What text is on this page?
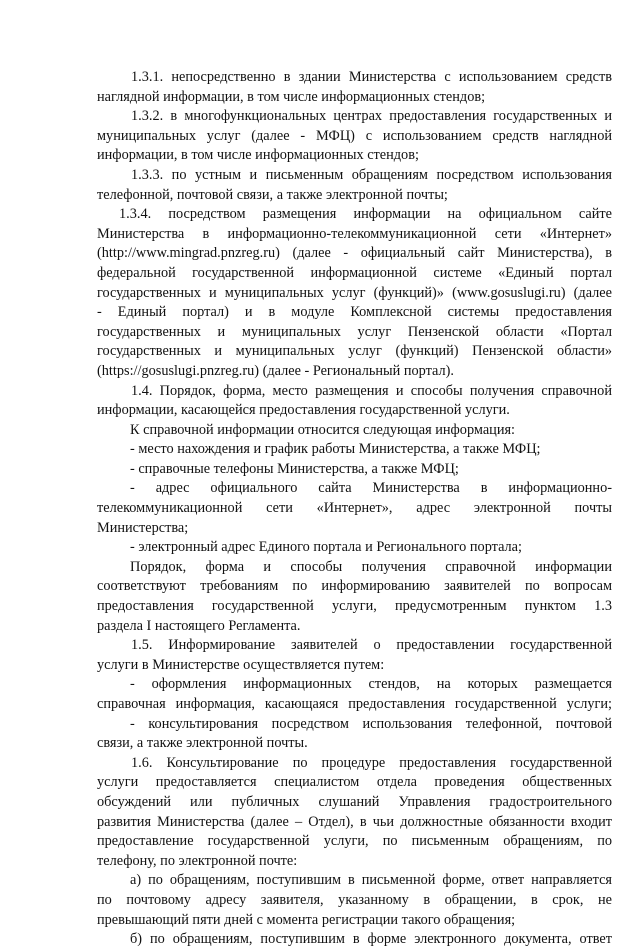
1.3.1. непосредственно в здании Министерства с использованием средств
наглядной информации, в том числе информационных стендов;
1.3.2. в многофункциональных центрах предоставления государственных и
муниципальных услуг (далее - МФЦ) с использованием средств наглядной
информации, в том числе информационных стендов;
1.3.3. по устным и письменным обращениям посредством использования
телефонной, почтовой связи, а также электронной почты;
1.3.4. посредством размещения информации на официальном сайте
Министерства в информационно-телекоммуникационной сети «Интернет»
(http://www.mingrad.pnzreg.ru) (далее - официальный сайт Министерства), в
федеральной государственной информационной системе «Единый портал
государственных и муниципальных услуг (функций)» (www.gosuslugi.ru) (далее
- Единый портал) и в модуле Комплексной системы предоставления
государственных и муниципальных услуг Пензенской области «Портал
государственных и муниципальных услуг (функций) Пензенской области»
(https://gosuslugi.pnzreg.ru) (далее - Региональный портал).
1.4. Порядок, форма, место размещения и способы получения справочной
информации, касающейся предоставления государственной услуги.
К справочной информации относится следующая информация:
- место нахождения и график работы Министерства, а также МФЦ;
- справочные телефоны Министерства, а также МФЦ;
- адрес официального сайта Министерства в информационно-
телекоммуникационной сети «Интернет», адрес электронной почты
Министерства;
- электронный адрес Единого портала и Регионального портала;
Порядок, форма и способы получения справочной информации
соответствуют требованиям по информированию заявителей по вопросам
предоставления государственной услуги, предусмотренным пунктом 1.3
раздела I настоящего Регламента.
1.5. Информирование заявителей о предоставлении государственной
услуги в Министерстве осуществляется путем:
- оформления информационных стендов, на которых размещается
справочная информация, касающаяся предоставления государственной услуги;
- консультирования посредством использования телефонной, почтовой
связи, а также электронной почты.
1.6. Консультирование по процедуре предоставления государственной
услуги предоставляется специалистом отдела проведения общественных
обсуждений или публичных слушаний Управления градостроительного
развития Министерства (далее – Отдел), в чьи должностные обязанности входит
предоставление государственной услуги, по письменным обращениям, по
телефону, по электронной почте:
а) по обращениям, поступившим в письменной форме, ответ направляется
по почтовому адресу заявителя, указанному в обращении, в срок, не
превышающий пяти дней с момента регистрации такого обращения;
б) по обращениям, поступившим в форме электронного документа, ответ
